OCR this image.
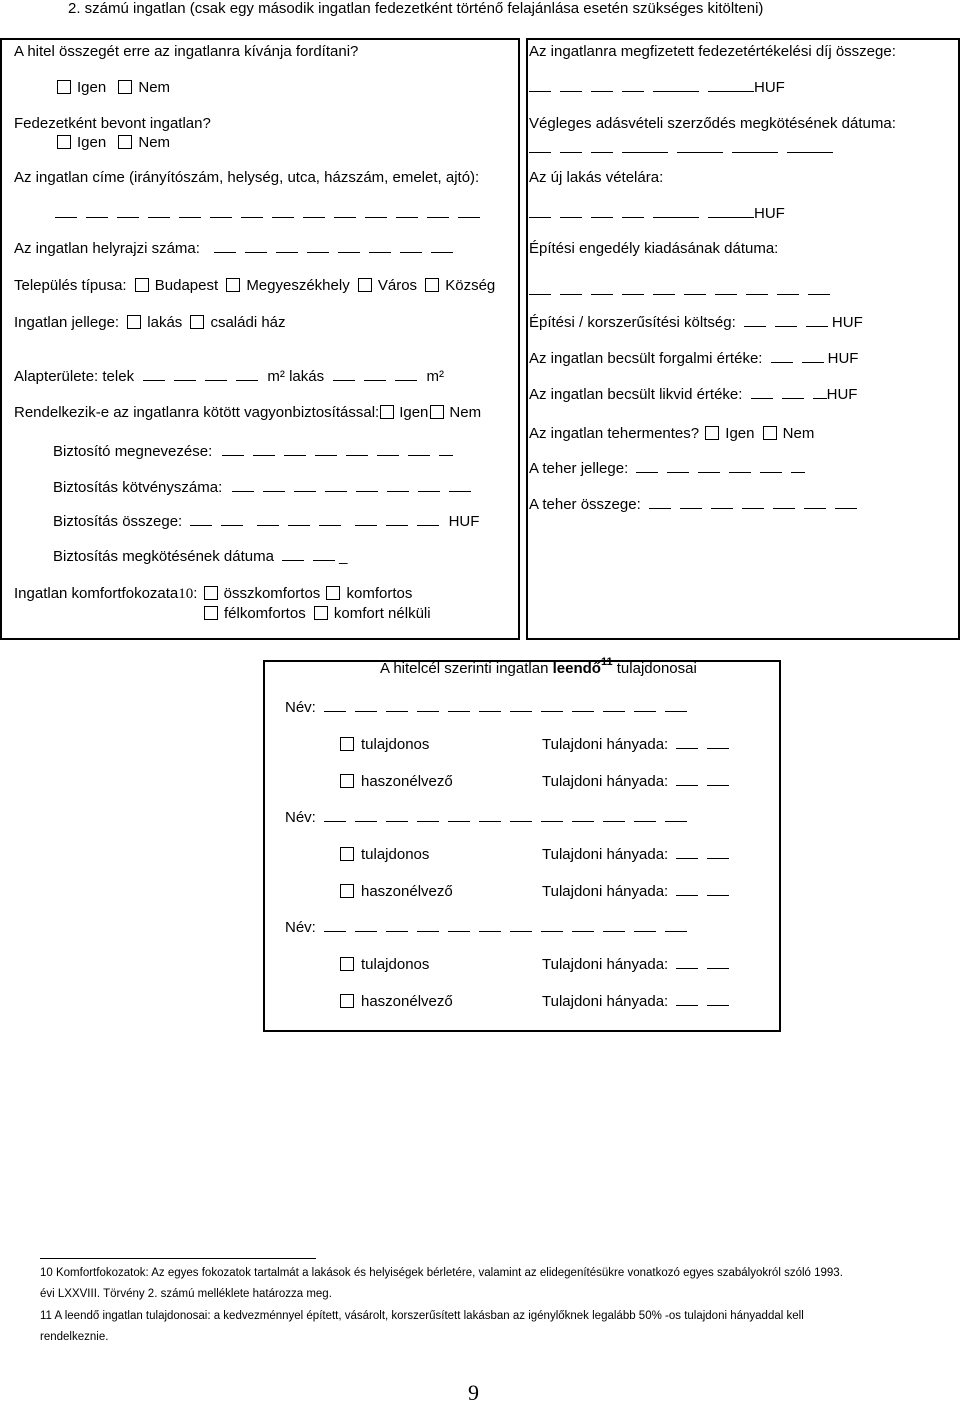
2. számú ingatlan (csak egy második ingatlan fedezetként történő felajánlása esetén szükséges kitölteni)
A hitel összegét erre az ingatlanra kívánja fordítani?
Igen Nem
Fedezetként bevont ingatlan?
Igen Nem
Az ingatlan címe (irányítószám, helység, utca, házszám, emelet, ajtó):
Az ingatlan helyrajzi száma:
Település típusa: Budapest Megyeszékhely Város Község
Ingatlan jellege: lakás családi ház
Alapterülete: telek	m² lakás	m²
Rendelkezik-e az ingatlanra kötött vagyonbiztosítással: Igen Nem
Biztosító megnevezése:
Biztosítás kötvényszáma:
Biztosítás összege:	HUF
Biztosítás megkötésének dátuma	_
Ingatlan komfortfokozata10: összkomfortos komfortos
félkomfortos komfort nélküli
Az ingatlanra megfizetett fedezetértékelési díj összege:
HUF
Végleges adásvételi szerződés megkötésének dátuma:
Az új lakás vételára:
HUF
Építési engedély kiadásának dátuma:
Építési / korszerűsítési költség:	HUF
Az ingatlan becsült forgalmi értéke:	HUF
Az ingatlan becsült likvid értéke:	HUF
Az ingatlan tehermentes? Igen Nem
A teher jellege:
A teher összege:
A hitelcél szerinti ingatlan leendő$^{11}$ tulajdonosai
Név:
tulajdonos	Tulajdoni hányada:
haszonélvező	Tulajdoni hányada:
Név:
tulajdonos	Tulajdoni hányada:
haszonélvező	Tulajdoni hányada:
Név:
tulajdonos	Tulajdoni hányada:
haszonélvező	Tulajdoni hányada:
10 Komfortfokozatok: Az egyes fokozatok tartalmát a lakások és helyiségek bérletére, valamint az elidegenítésükre vonatkozó egyes szabályokról szóló 1993.
évi LXXVIII. Törvény 2. számú melléklete határozza meg.
11 A leendő ingatlan tulajdonosai: a kedvezménnyel épített, vásárolt, korszerűsített lakásban az igénylőknek legalább 50% -os tulajdoni hányaddal kell
rendelkeznie.
9
